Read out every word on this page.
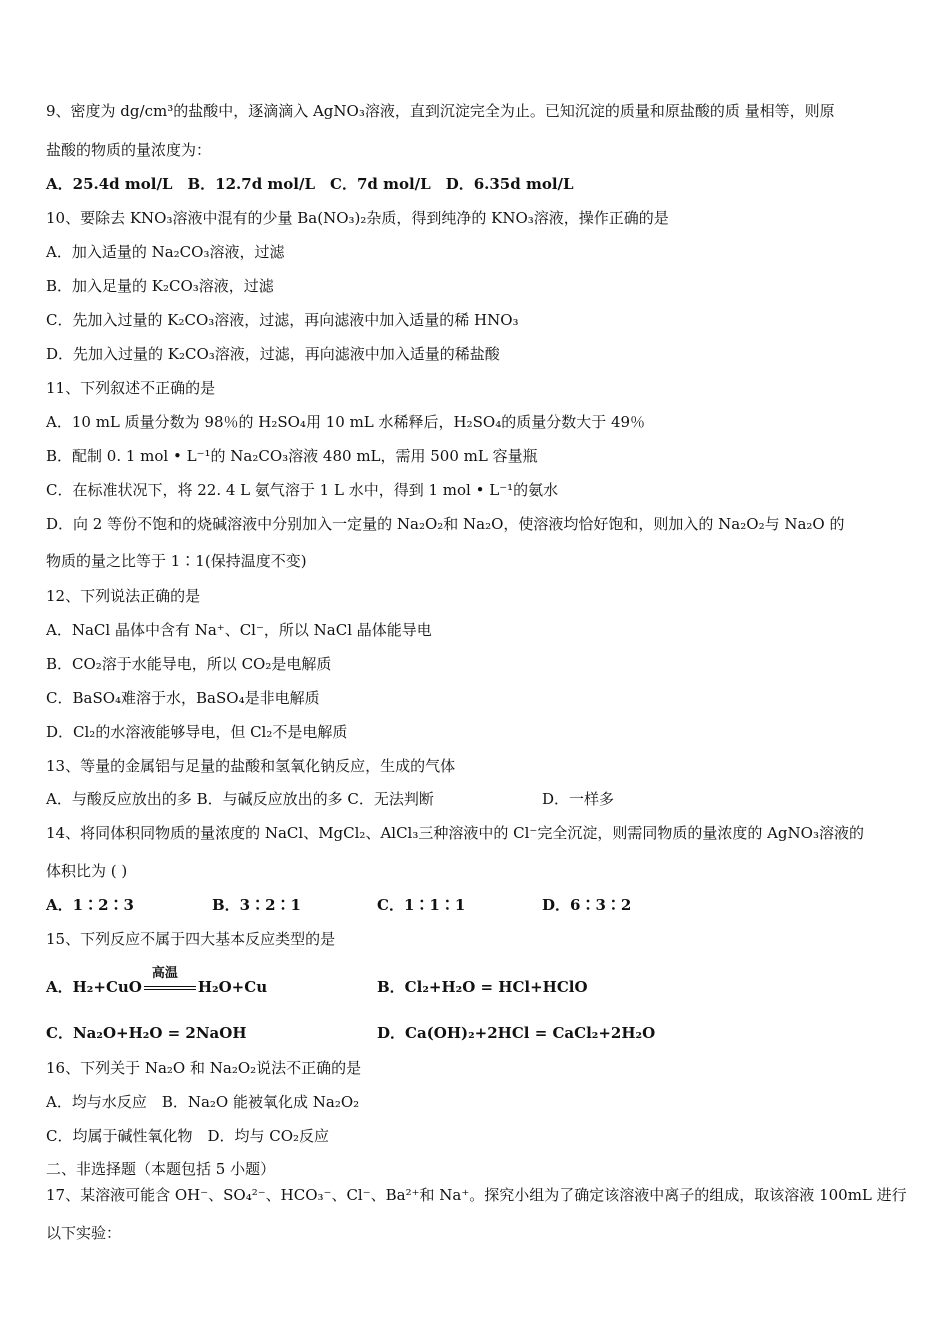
9、密度为 dg/cm³的盐酸中，逐滴滴入 AgNO₃溶液，直到沉淀完全为止。已知沉淀的质量和原盐酸的质 量相等，则原
盐酸的物质的量浓度为：
A．25.4d mol/L　B．12.7d mol/L　C．7d mol/L　D．6.35d mol/L
10、要除去 KNO₃溶液中混有的少量 Ba(NO₃)₂杂质，得到纯净的 KNO₃溶液，操作正确的是
A．加入适量的 Na₂CO₃溶液，过滤
B．加入足量的 K₂CO₃溶液，过滤
C．先加入过量的 K₂CO₃溶液，过滤，再向滤液中加入适量的稀 HNO₃
D．先加入过量的 K₂CO₃溶液，过滤，再向滤液中加入适量的稀盐酸
11、下列叙述不正确的是
A．10 mL 质量分数为 98％的 H₂SO₄用 10 mL 水稀释后，H₂SO₄的质量分数大于 49％
B．配制 0. 1 mol • L⁻¹的 Na₂CO₃溶液 480 mL，需用 500 mL 容量瓶
C．在标准状况下，将 22. 4 L 氨气溶于 1 L 水中，得到 1 mol • L⁻¹的氨水
D．向 2 等份不饱和的烧碱溶液中分别加入一定量的 Na₂O₂和 Na₂O，使溶液均恰好饱和，则加入的 Na₂O₂与 Na₂O 的
物质的量之比等于 1∶1(保持温度不变)
12、下列说法正确的是
A．NaCl 晶体中含有 Na⁺、Cl⁻，所以 NaCl 晶体能导电
B．CO₂溶于水能导电，所以 CO₂是电解质
C．BaSO₄难溶于水，BaSO₄是非电解质
D．Cl₂的水溶液能够导电，但 Cl₂不是电解质
13、等量的金属铝与足量的盐酸和氢氧化钠反应，生成的气体
A．与酸反应放出的多 B．与碱反应放出的多 C．无法判断	D．一样多
14、将同体积同物质的量浓度的 NaCl、MgCl₂、AlCl₃三种溶液中的 Cl⁻完全沉淀，则需同物质的量浓度的 AgNO₃溶液的
体积比为 ( )
A．1∶2∶3	B．3∶2∶1	C．1∶1∶1	D．6∶3∶2
15、下列反应不属于四大基本反应类型的是
A．H₂+CuO
高温
H₂O+Cu	B．Cl₂+H₂O = HCl+HClO
C．Na₂O+H₂O = 2NaOH	D．Ca(OH)₂+2HCl = CaCl₂+2H₂O
16、下列关于 Na₂O 和 Na₂O₂说法不正确的是
A．均与水反应　B．Na₂O 能被氧化成 Na₂O₂
C．均属于碱性氧化物　D．均与 CO₂反应
二、非选择题（本题包括 5 小题）
17、某溶液可能含 OH⁻、SO₄²⁻、HCO₃⁻、Cl⁻、Ba²⁺和 Na⁺。探究小组为了确定该溶液中离子的组成，取该溶液 100mL 进行
以下实验：
